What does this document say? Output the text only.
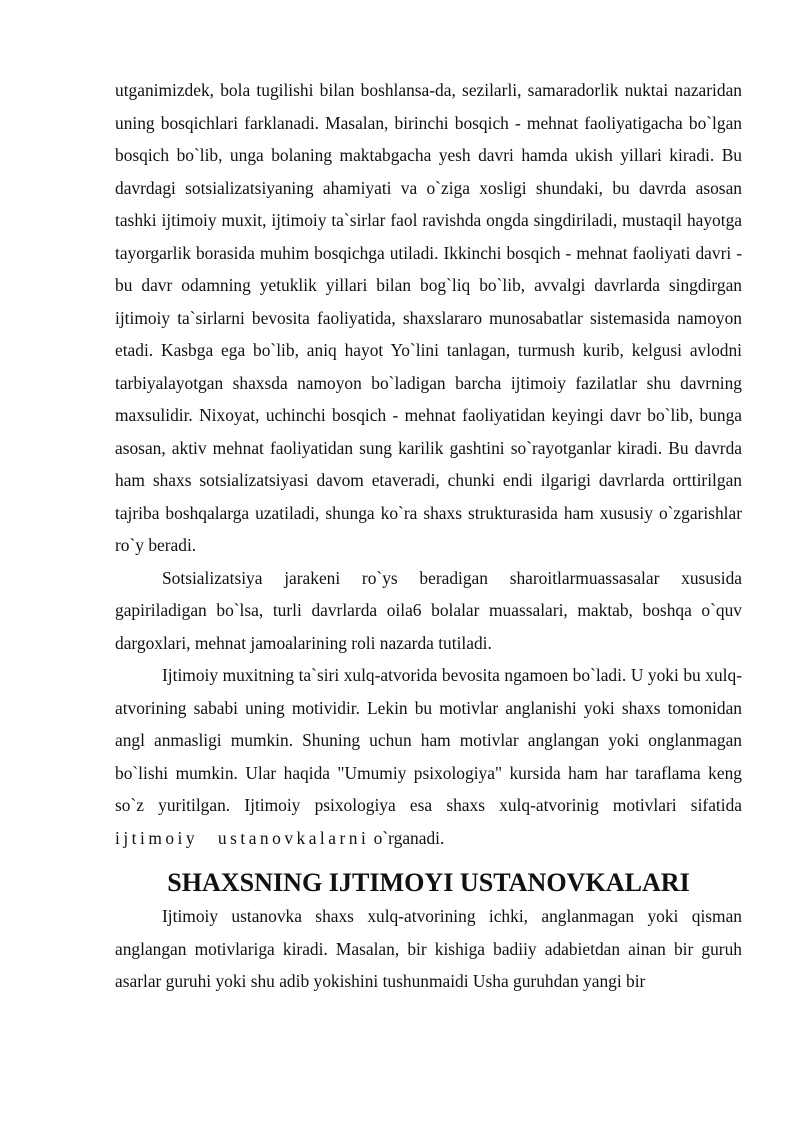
utganimizdek, bola tugilishi bilan boshlansa-da, sezilarli, samaradorlik nuktai nazaridan uning bosqichlari farklanadi. Masalan, birinchi bosqich - mehnat faoliyatigacha bo`lgan bosqich bo`lib, unga bolaning maktabgacha yesh davri hamda ukish yillari kiradi. Bu davrdagi sotsializatsiyaning ahamiyati va o`ziga xosligi shundaki, bu davrda asosan tashki ijtimoiy muxit, ijtimoiy ta`sirlar faol ravishda ongda singdiriladi, mustaqil hayotga tayorgarlik borasida muhim bosqichga utiladi. Ikkinchi bosqich - mehnat faoliyati davri - bu davr odamning yetuklik yillari bilan bog`liq bo`lib, avvalgi davrlarda singdirgan ijtimoiy ta`sirlarni bevosita faoliyatida, shaxslararo munosabatlar sistemasida namoyon etadi. Kasbga ega bo`lib, aniq hayot Yo`lini tanlagan, turmush kurib, kelgusi avlodni tarbiyalayotgan shaxsda namoyon bo`ladigan barcha ijtimoiy fazilatlar shu davrning maxsulidir. Nixoyat, uchinchi bosqich - mehnat faoliyatidan keyingi davr bo`lib, bunga asosan, aktiv mehnat faoliyatidan sung karilik gashtini so`rayotganlar kiradi. Bu davrda ham shaxs sotsializatsiyasi davom etaveradi, chunki endi ilgarigi davrlarda orttirilgan tajriba boshqalarga uzatiladi, shunga ko`ra shaxs strukturasida ham xususiy o`zgarishlar ro`y beradi.

Sotsializatsiya jarakeni ro`ys beradigan sharoitlarmuassasalar xususida gapiriladigan bo`lsa, turli davrlarda oila6 bolalar muassalari, maktab, boshqa o`quv dargoxlari, mehnat jamoalarining roli nazarda tutiladi.

Ijtimoiy muxitning ta`siri xulq-atvorida bevosita ngamoen bo`ladi. U yoki bu xulq-atvorining sababi uning motividir. Lekin bu motivlar anglanishi yoki shaxs tomonidan angl anmasligi mumkin. Shuning uchun ham motivlar anglangan yoki onglanmagan bo`lishi mumkin. Ular haqida "Umumiy psixologiya" kursida ham har taraflama keng so`z yuritilgan. Ijtimoiy psixologiya esa shaxs xulq-atvorinig motivlari sifatida ijtimoiy ustanovkalarni o`rganadi.

SHAXSNING IJTIMOYI USTANOVKALARI

Ijtimoiy ustanovka shaxs xulq-atvorining ichki, anglanmagan yoki qisman anglangan motivlariga kiradi. Masalan, bir kishiga badiiy adabietdan ainan bir guruh asarlar guruhi yoki shu adib yokishini tushunmaidi Usha guruhdan yangi bir
